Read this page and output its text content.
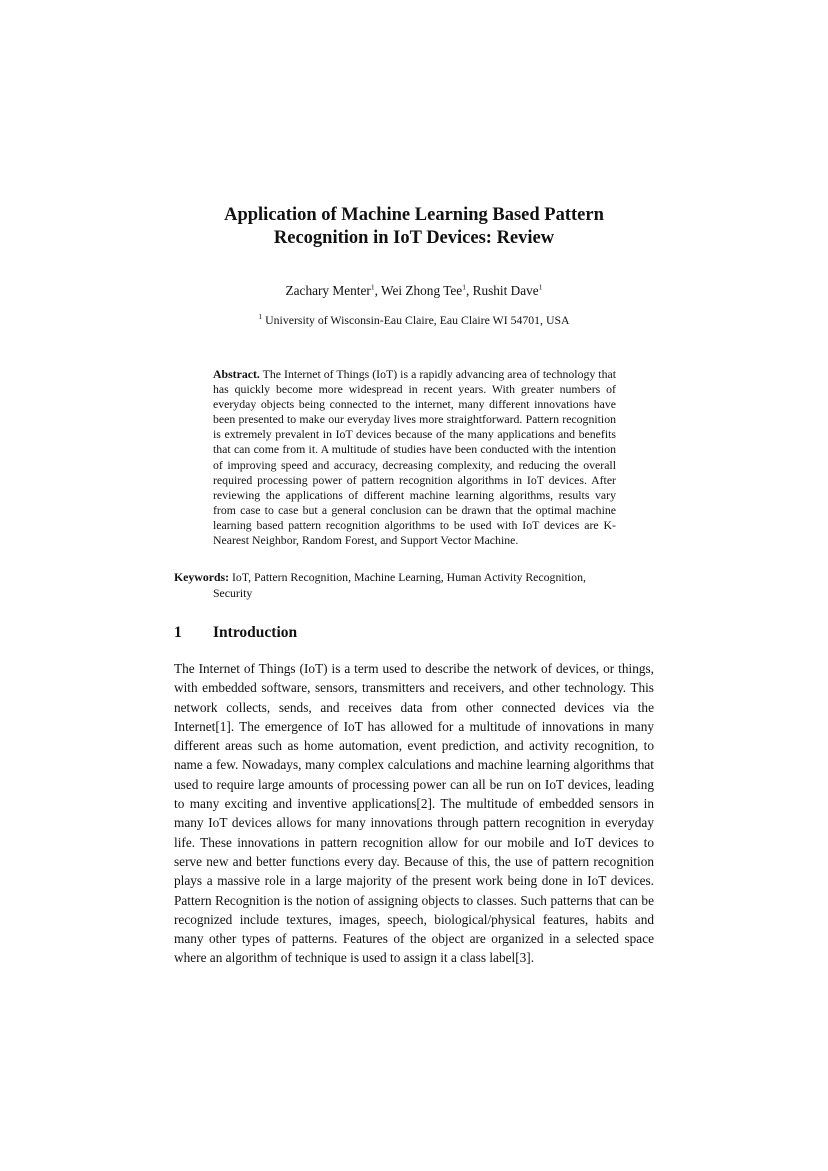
Application of Machine Learning Based Pattern
Recognition in IoT Devices: Review
Zachary Menter$^1$, Wei Zhong Tee$^1$, Rushit Dave$^1$
$^1$ University of Wisconsin-Eau Claire, Eau Claire WI 54701, USA

Abstract. The Internet of Things (IoT) is a rapidly advancing area of technology that has quickly become more widespread in recent years. With greater numbers of everyday objects being connected to the internet, many different innovations have been presented to make our everyday lives more straightforward. Pattern recognition is extremely prevalent in IoT devices because of the many applications and benefits that can come from it. A multitude of studies have been conducted with the intention of improving speed and accuracy, decreasing complexity, and reducing the overall required processing power of pattern recognition algorithms in IoT devices. After reviewing the applications of different machine learning algorithms, results vary from case to case but a general conclusion can be drawn that the optimal machine learning based pattern recognition algorithms to be used with IoT devices are K-Nearest Neighbor, Random Forest, and Support Vector Machine.

Keywords: IoT, Pattern Recognition, Machine Learning, Human Activity Recognition, Security

1 Introduction

The Internet of Things (IoT) is a term used to describe the network of devices, or things, with embedded software, sensors, transmitters and receivers, and other technology. This network collects, sends, and receives data from other connected devices via the Internet[1]. The emergence of IoT has allowed for a multitude of innovations in many different areas such as home automation, event prediction, and activity recognition, to name a few. Nowadays, many complex calculations and machine learning algorithms that used to require large amounts of processing power can all be run on IoT devices, leading to many exciting and inventive applications[2]. The multitude of embedded sensors in many IoT devices allows for many innovations through pattern recognition in everyday life. These innovations in pattern recognition allow for our mobile and IoT devices to serve new and better functions every day. Because of this, the use of pattern recognition plays a massive role in a large majority of the present work being done in IoT devices. Pattern Recognition is the notion of assigning objects to classes. Such patterns that can be recognized include textures, images, speech, biological/physical features, habits and many other types of patterns. Features of the object are organized in a selected space where an algorithm of technique is used to assign it a class label[3].
